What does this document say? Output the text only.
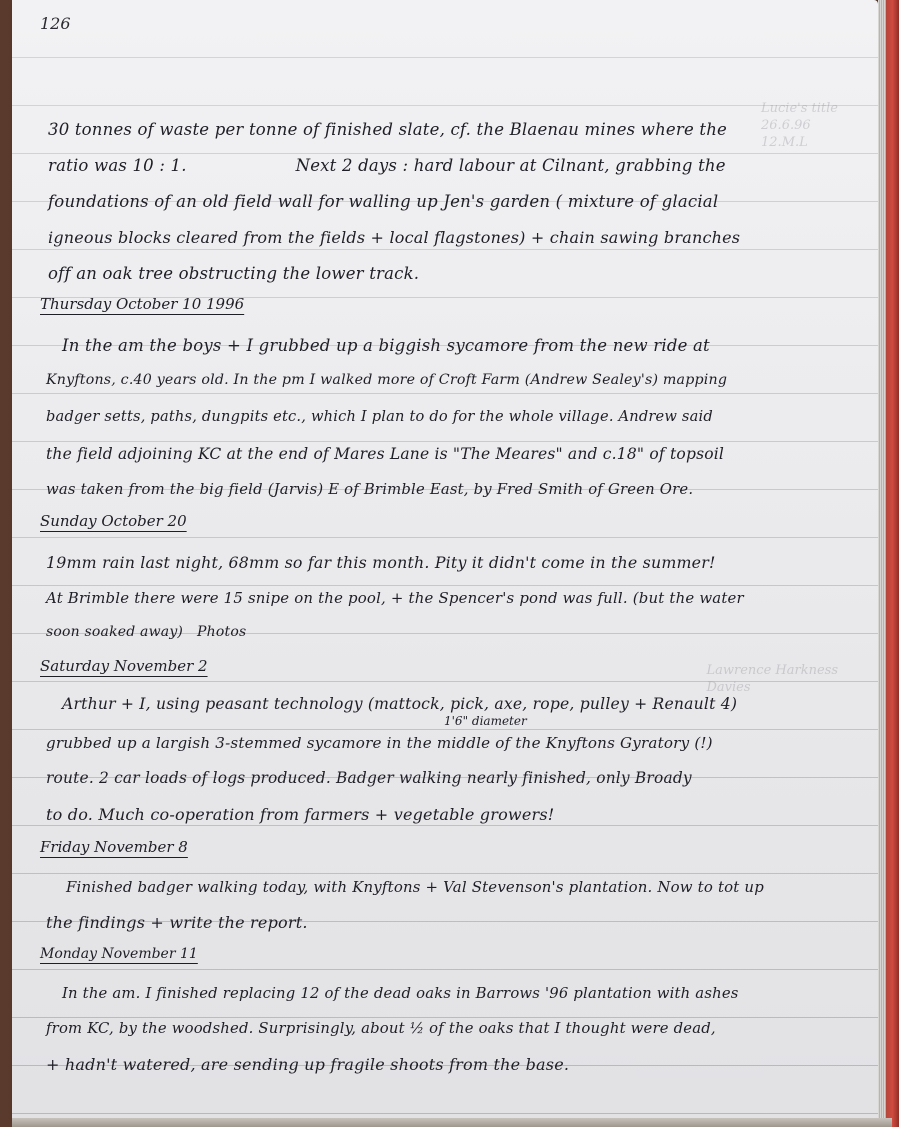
126
Lucie's title
26.6.96
12.M.L
Lawrence Harkness
Davies
30 tonnes of waste per tonne of finished slate, cf. the Blaenau mines where the
ratio was 10 : 1.                    Next 2 days : hard labour at Cilnant, grabbing the
foundations of an old field wall for walling up Jen's garden ( mixture of glacial
igneous blocks cleared from the fields + local flagstones) + chain sawing branches
off an oak tree obstructing the lower track.
Thursday October 10 1996
In the am the boys + I grubbed up a biggish sycamore from the new ride at
Knyftons, c.40 years old. In the pm I walked more of Croft Farm (Andrew Sealey's) mapping
badger setts, paths, dungpits etc., which I plan to do for the whole village. Andrew said
the field adjoining KC at the end of Mares Lane is "The Meares" and c.18" of topsoil
was taken from the big field (Jarvis) E of Brimble East, by Fred Smith of Green Ore.
Sunday October 20
19mm rain last night, 68mm so far this month. Pity it didn't come in the summer!
At Brimble there were 15 snipe on the pool, + the Spencer's pond was full. (but the water
soon soaked away)   Photos
Saturday November 2
Arthur + I, using peasant technology (mattock, pick, axe, rope, pulley + Renault 4)
1'6" diameter
grubbed up a largish 3-stemmed sycamore in the middle of the Knyftons Gyratory (!)
route. 2 car loads of logs produced. Badger walking nearly finished, only Broady
to do. Much co-operation from farmers + vegetable growers!
Friday November 8
Finished badger walking today, with Knyftons + Val Stevenson's plantation. Now to tot up
the findings + write the report.
Monday November 11
In the am. I finished replacing 12 of the dead oaks in Barrows '96 plantation with ashes
from KC, by the woodshed. Surprisingly, about ½ of the oaks that I thought were dead,
+ hadn't watered, are sending up fragile shoots from the base.
